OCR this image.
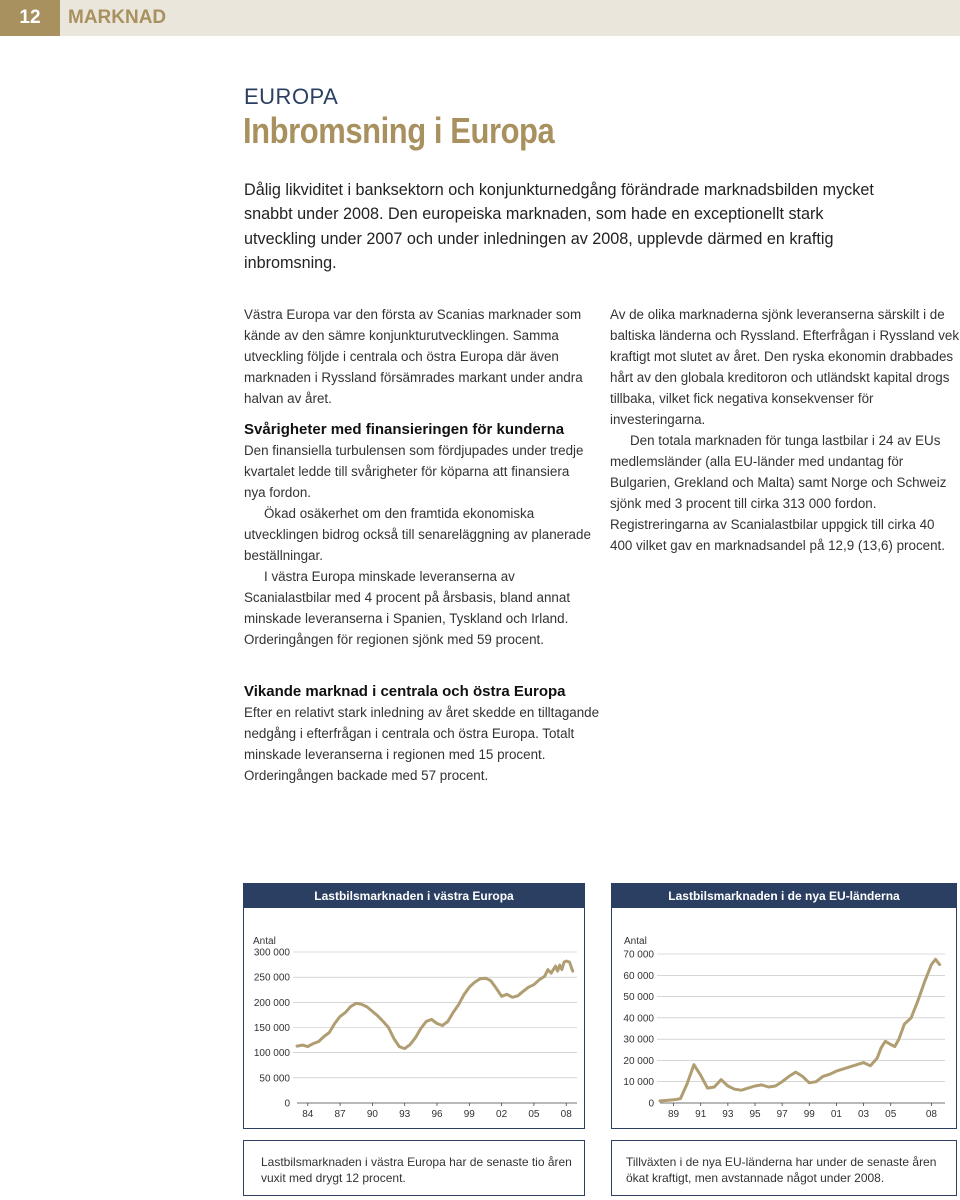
12	MARKNAD
EUROPA
Inbromsning i Europa
Dålig likviditet i banksektorn och konjunkturnedgång förändrade marknadsbilden mycket snabbt under 2008. Den europeiska marknaden, som hade en exceptionellt stark utveckling under 2007 och under inledningen av 2008, upplevde därmed en kraftig inbromsning.

Västra Europa var den första av Scanias marknader som kände av den sämre konjunkturutvecklingen. Samma utveckling följde i centrala och östra Europa där även marknaden i Ryssland försämrades markant under andra halvan av året.

Svårigheter med finansieringen för kunderna

Den finansiella turbulensen som fördjupades under tredje kvartalet ledde till svårigheter för köparna att finansiera nya fordon.

Ökad osäkerhet om den framtida ekonomiska utvecklingen bidrog också till senareläggning av planerade beställningar.

I västra Europa minskade leveranserna av Scanialastbilar med 4 procent på årsbasis, bland annat minskade leveranserna i Spanien, Tyskland och Irland. Orderingången för regionen sjönk med 59 procent.

Vikande marknad i centrala och östra Europa

Efter en relativt stark inledning av året skedde en tilltagande nedgång i efterfrågan i centrala och östra Europa. Totalt minskade leveranserna i regionen med 15 procent. Orderingången backade med 57 procent.

Av de olika marknaderna sjönk leveranserna särskilt i de baltiska länderna och Ryssland. Efterfrågan i Ryssland vek kraftigt mot slutet av året. Den ryska ekonomin drabbades hårt av den globala kreditoron och utländskt kapital drogs tillbaka, vilket fick negativa konsekvenser för investeringarna.

Den totala marknaden för tunga lastbilar i 24 av EUs medlemsländer (alla EU-länder med undantag för Bulgarien, Grekland och Malta) samt Norge och Schweiz sjönk med 3 procent till cirka 313 000 fordon. Registreringarna av Scanialastbilar uppgick till cirka 40 400 vilket gav en marknadsandel på 12,9 (13,6) procent.

Lastbilsmarknaden i västra Europa
Antal
0
50 000
100 000
150 000
200 000
250 000
300 000
84 87 90 93 96 99 02 05 08
Lastbilsmarknaden i de nya EU-länderna
Antal
0
10 000
20 000
30 000
40 000
50 000
60 000
70 000
89 91 93 95 97 99 01 03 05	08
Lastbilsmarknaden i västra Europa har de senaste tio åren vuxit med drygt 12 procent.
Tillväxten i de nya EU-länderna har under de senaste åren ökat kraftigt, men avstannade något under 2008.
